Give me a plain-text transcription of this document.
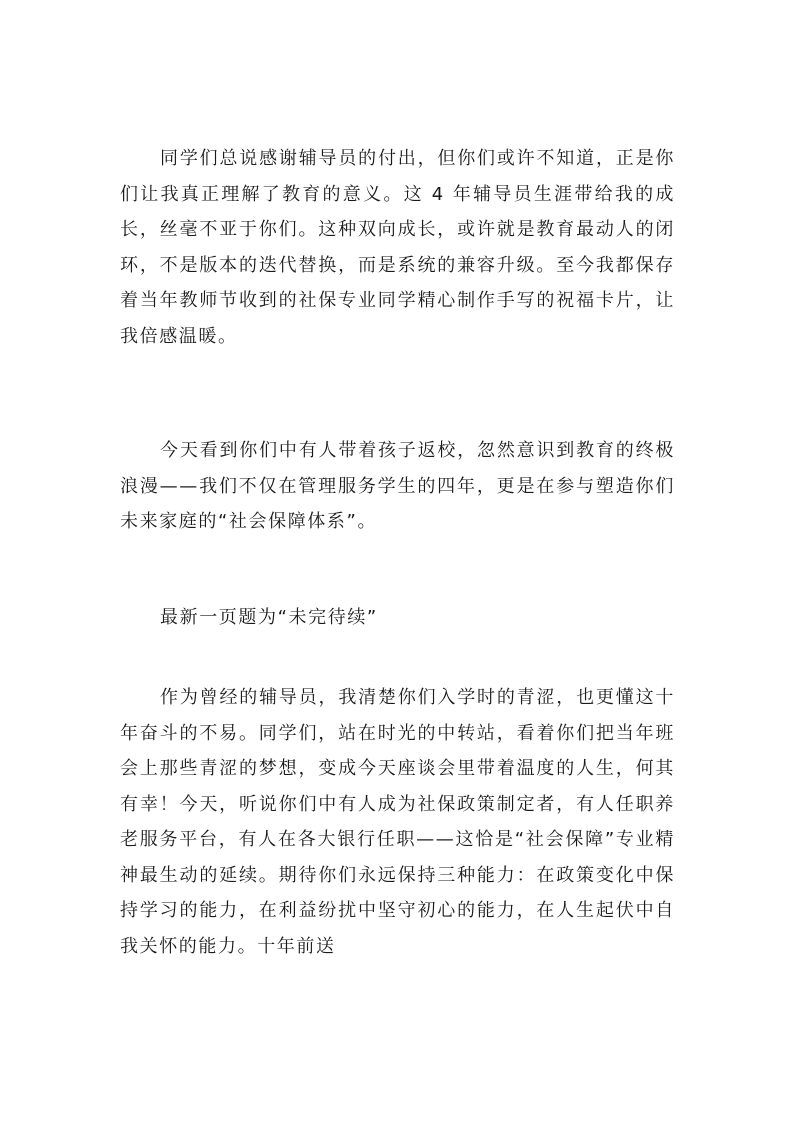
同学们总说感谢辅导员的付出，但你们或许不知道，正是你们让我真正理解了教育的意义。这 4 年辅导员生涯带给我的成长，丝毫不亚于你们。这种双向成长，或许就是教育最动人的闭环，不是版本的迭代替换，而是系统的兼容升级。至今我都保存着当年教师节收到的社保专业同学精心制作手写的祝福卡片，让我倍感温暖。

今天看到你们中有人带着孩子返校，忽然意识到教育的终极浪漫——我们不仅在管理服务学生的四年，更是在参与塑造你们未来家庭的“社会保障体系”。

最新一页题为“未完待续”

作为曾经的辅导员，我清楚你们入学时的青涩，也更懂这十年奋斗的不易。同学们，站在时光的中转站，看着你们把当年班会上那些青涩的梦想，变成今天座谈会里带着温度的人生，何其有幸！今天，听说你们中有人成为社保政策制定者，有人任职养老服务平台，有人在各大银行任职——这恰是“社会保障”专业精神最生动的延续。期待你们永远保持三种能力：在政策变化中保持学习的能力，在利益纷扰中坚守初心的能力，在人生起伏中自我关怀的能力。十年前送
